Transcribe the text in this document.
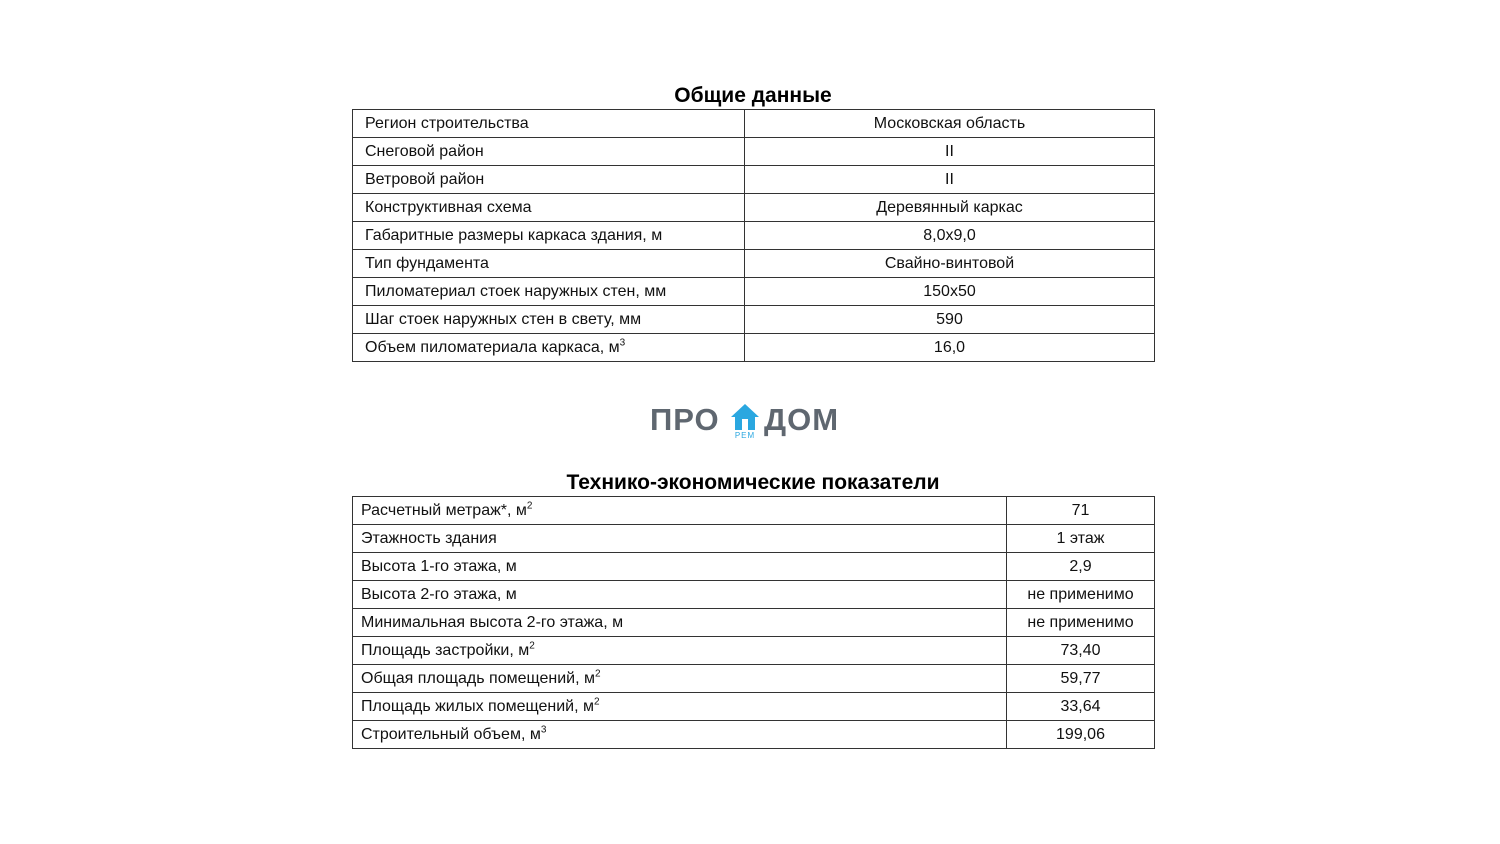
Общие данные
Регион строительства	Московская область
Снеговой район	II
Ветровой район	II
Конструктивная схема	Деревянный каркас
Габаритные размеры каркаса здания, м	8,0х9,0
Тип фундамента	Свайно-винтовой
Пиломатериал стоек наружных стен, мм	150х50
Шаг стоек наружных стен в свету, мм	590
Объем пиломатериала каркаса, $м^3$	16,0
ПРО	РЕМ ДОМ
Технико-экономические показатели
Расчетный метраж*, $м^2$	71
Этажность здания	1 этаж
Высота 1-го этажа, м	2,9
Высота 2-го этажа, м	не применимо
Минимальная высота 2-го этажа, м	не применимо
Площадь застройки, $м^2$	73,40
Общая площадь помещений, $м^2$	59,77
Площадь жилых помещений, $м^2$	33,64
Строительный объем, $м^3$	199,06
